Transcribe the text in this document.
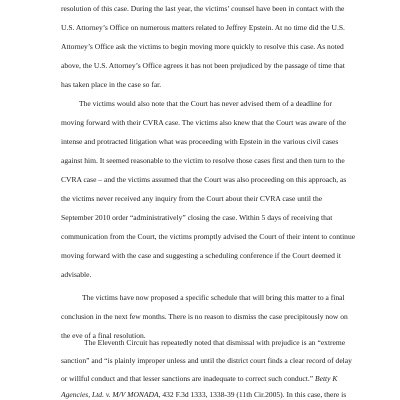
resolution of this case. During the last year, the victims’ counsel have been in contact with the
U.S. Attorney’s Office on numerous matters related to Jeffrey Epstein. At no time did the U.S.
Attorney’s Office ask the victims to begin moving more quickly to resolve this case. As noted
above, the U.S. Attorney’s Office agrees it has not been prejudiced by the passage of time that
has taken place in the case so far.
The victims would also note that the Court has never advised them of a deadline for
moving forward with their CVRA case. The victims also knew that the Court was aware of the
intense and protracted litigation what was proceeding with Epstein in the various civil cases
against him. It seemed reasonable to the victim to resolve those cases first and then turn to the
CVRA case – and the victims assumed that the Court was also proceeding on this approach, as
the victims never received any inquiry from the Court about their CVRA case until the
September 2010 order “administratively” closing the case. Within 5 days of receiving that
communication from the Court, the victims promptly advised the Court of their intent to continue
moving forward with the case and suggesting a scheduling conference if the Court deemed it
advisable.
The victims have now proposed a specific schedule that will bring this matter to a final
conclusion in the next few months. There is no reason to dismiss the case precipitously now on
the eve of a final resolution.
The Eleventh Circuit has repeatedly noted that dismissal with prejudice is an “extreme
sanction” and “is plainly improper unless and until the district court finds a clear record of delay
or willful conduct and that lesser sanctions are inadequate to correct such conduct.” Betty K
Agencies, Ltd. v. M/V MONADA, 432 F.3d 1333, 1338-39 (11th Cir.2005). In this case, there is
